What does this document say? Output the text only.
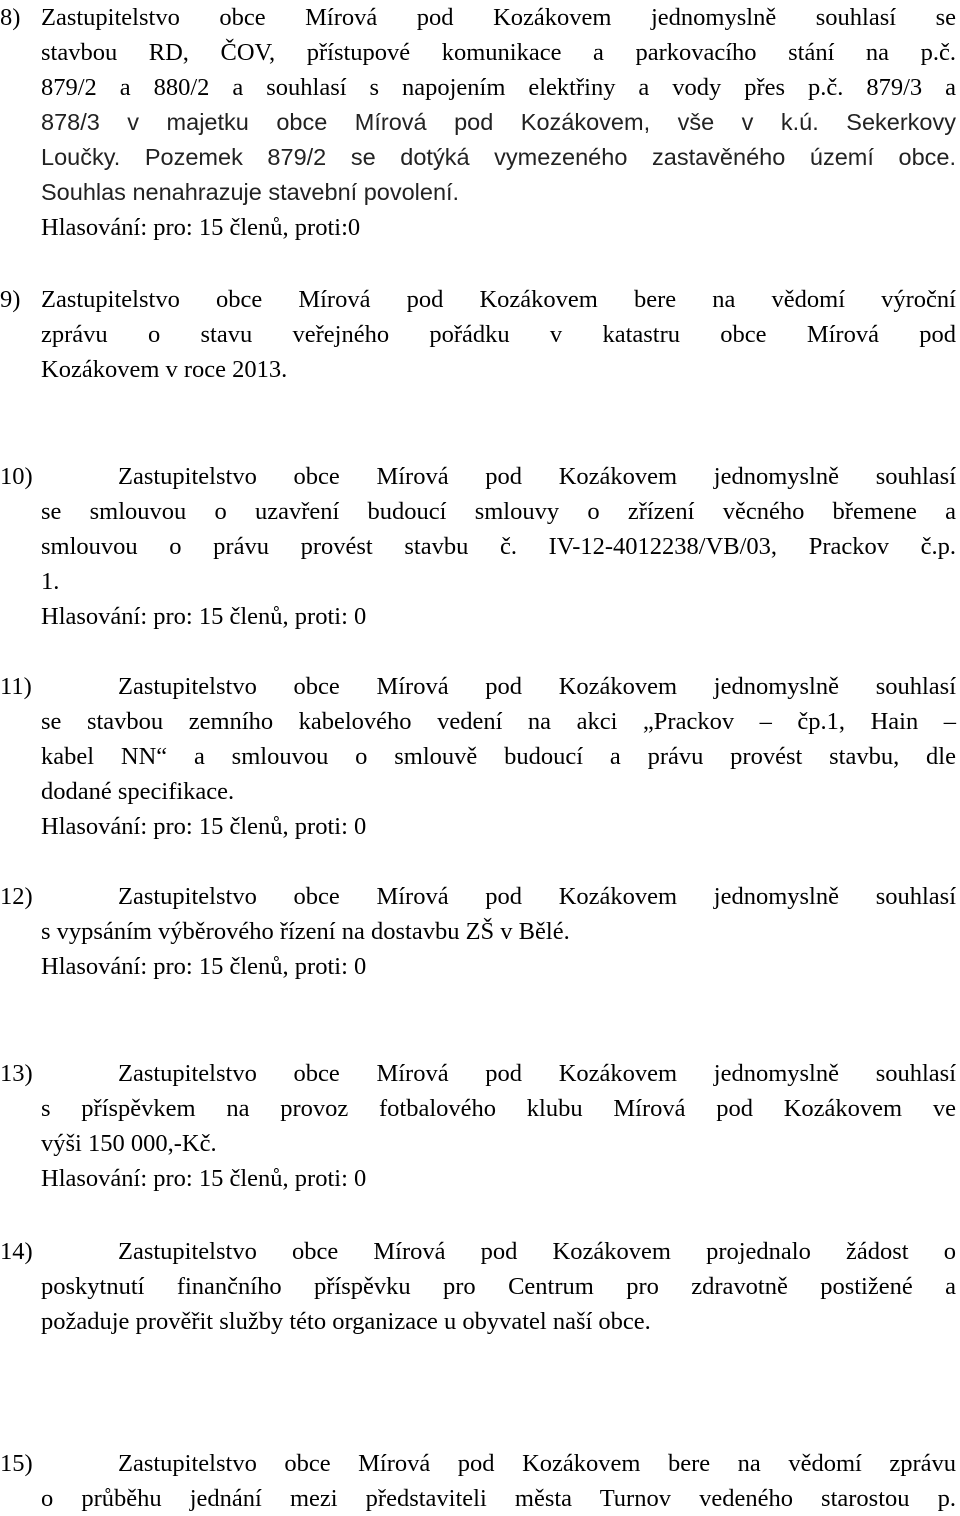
8) Zastupitelstvo obce Mírová pod Kozákovem jednomyslně souhlasí se
stavbou RD, ČOV, přístupové komunikace a parkovacího stání na p.č.
879/2 a 880/2 a souhlasí s napojením elektřiny a vody přes p.č. 879/3 a
878/3 v majetku obce Mírová pod Kozákovem, vše v k.ú. Sekerkovy
Loučky. Pozemek 879/2 se dotýká vymezeného zastavěného území obce.
Souhlas nenahrazuje stavební povolení.
Hlasování: pro: 15 členů, proti:0
9) Zastupitelstvo obce Mírová pod Kozákovem bere na vědomí výroční
zprávu o stavu veřejného pořádku v katastru obce Mírová pod
Kozákovem v roce 2013.
10)	Zastupitelstvo obce Mírová pod Kozákovem jednomyslně souhlasí
se smlouvou o uzavření budoucí smlouvy o zřízení věcného břemene a
smlouvou o právu provést stavbu č. IV-12-4012238/VB/03, Prackov č.p.
1.
Hlasování: pro: 15 členů, proti: 0
11)	Zastupitelstvo obce Mírová pod Kozákovem jednomyslně souhlasí
se stavbou zemního kabelového vedení na akci „Prackov – čp.1, Hain –
kabel NN“ a smlouvou o smlouvě budoucí a právu provést stavbu, dle
dodané specifikace.
Hlasování: pro: 15 členů, proti: 0
12)	Zastupitelstvo obce Mírová pod Kozákovem jednomyslně souhlasí
s vypsáním výběrového řízení na dostavbu ZŠ v Bělé.
Hlasování: pro: 15 členů, proti: 0
13)	Zastupitelstvo obce Mírová pod Kozákovem jednomyslně souhlasí
s příspěvkem na provoz fotbalového klubu Mírová pod Kozákovem ve
výši 150 000,-Kč.
Hlasování: pro: 15 členů, proti: 0
14)	Zastupitelstvo obce Mírová pod Kozákovem projednalo žádost o
poskytnutí finančního příspěvku pro Centrum pro zdravotně postižené a
požaduje prověřit služby této organizace u obyvatel naší obce.
15)	Zastupitelstvo obce Mírová pod Kozákovem bere na vědomí zprávu
o průběhu jednání mezi představiteli města Turnov vedeného starostou p.
